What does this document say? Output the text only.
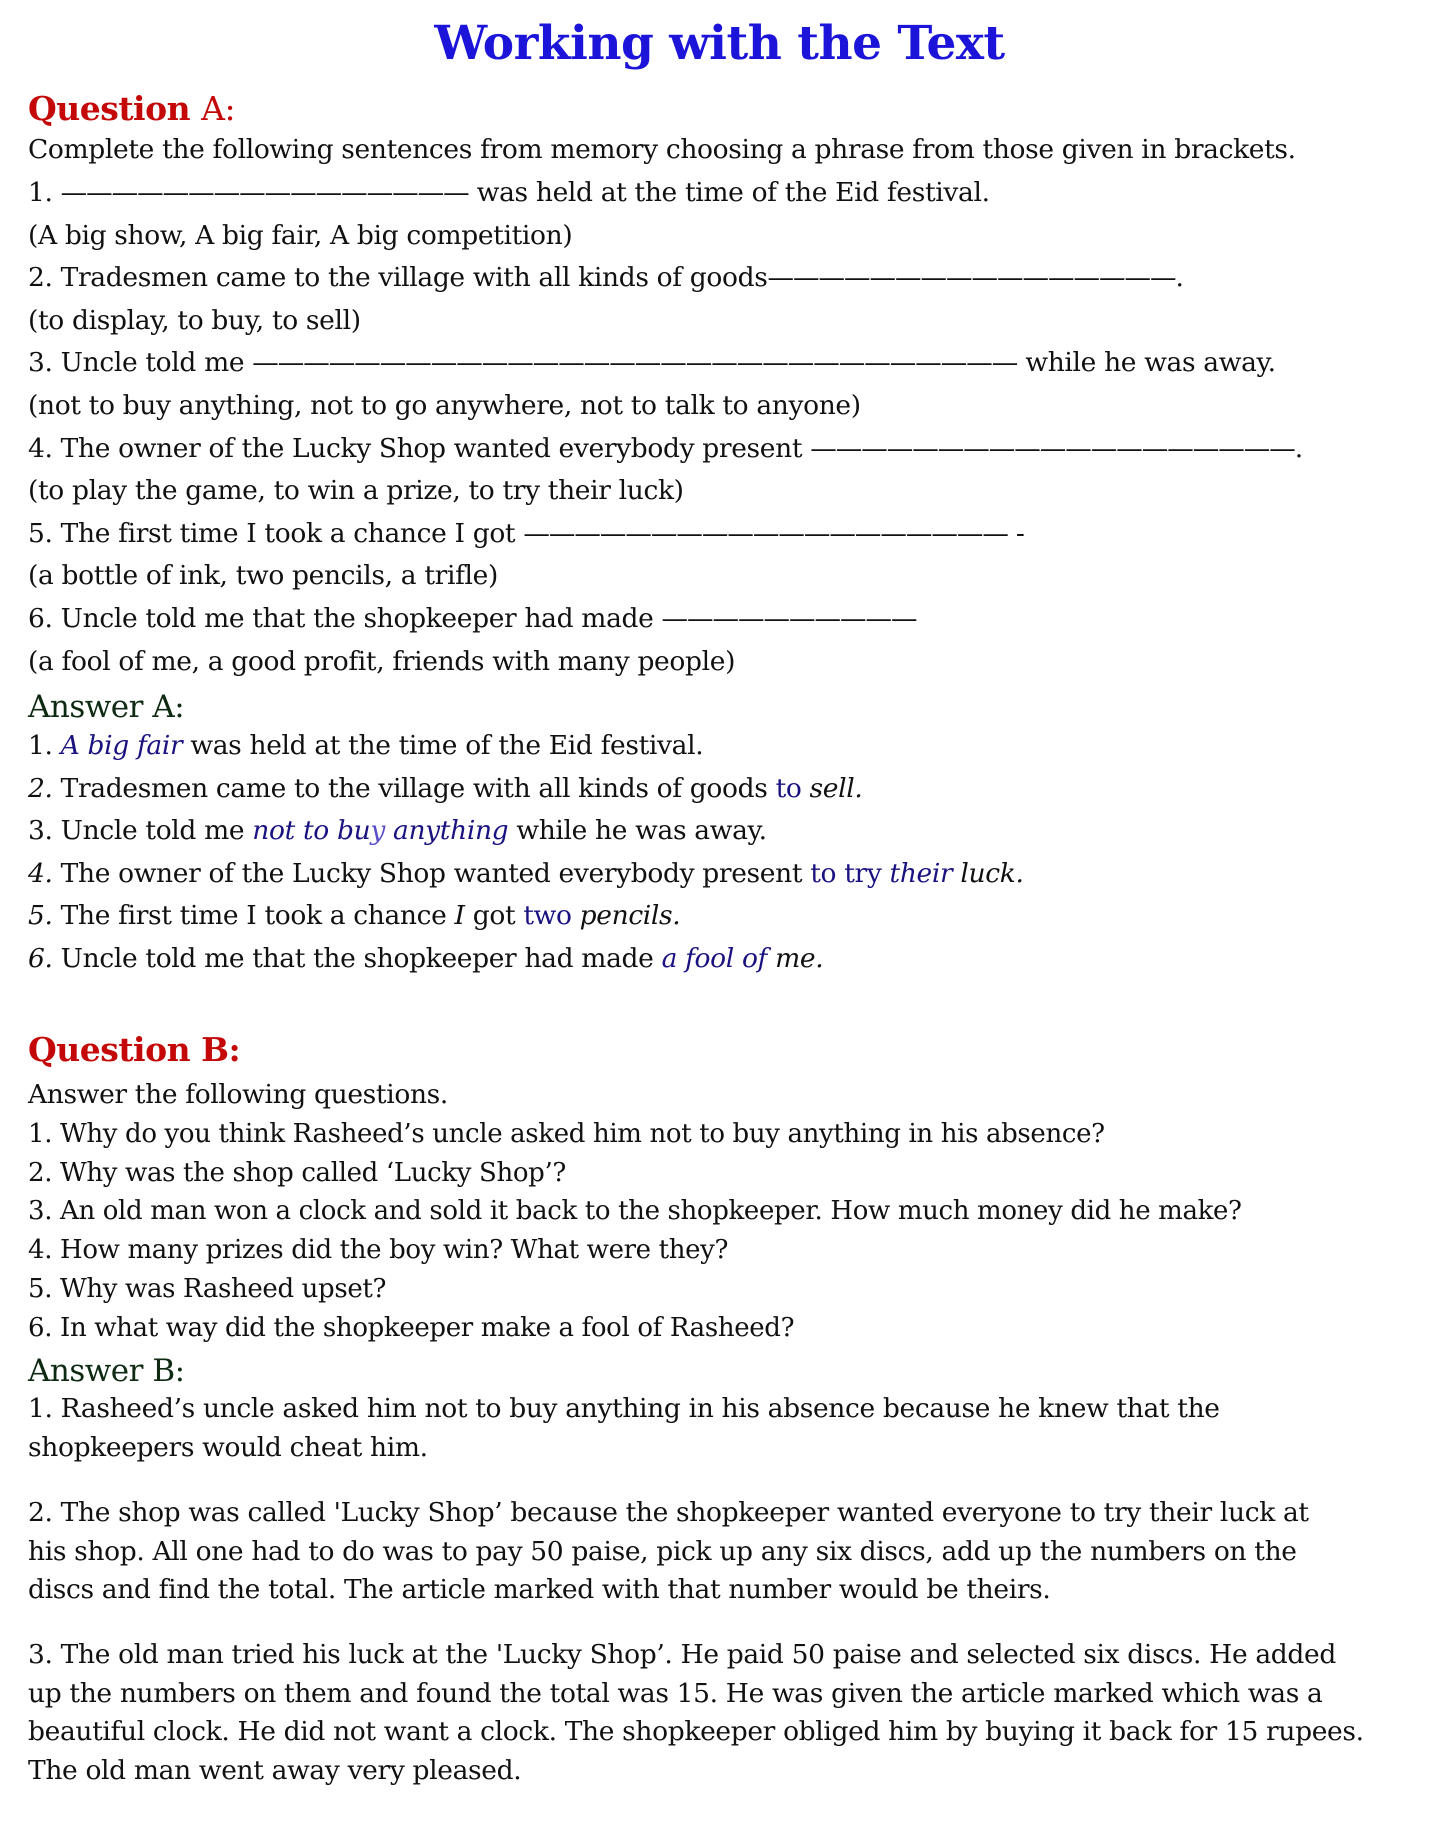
Working with the Text
Question A:
Complete the following sentences from memory choosing a phrase from those given in brackets.
1. ———————————————— was held at the time of the Eid festival.
(A big show, A big fair, A big competition)
2. Tradesmen came to the village with all kinds of goods————————————————.
(to display, to buy, to sell)
3. Uncle told me —————————————————————————————— while he was away.
(not to buy anything, not to go anywhere, not to talk to anyone)
4. The owner of the Lucky Shop wanted everybody present ———————————————————.
(to play the game, to win a prize, to try their luck)
5. The first time I took a chance I got ——————————————————— -
(a bottle of ink, two pencils, a trifle)
6. Uncle told me that the shopkeeper had made ——————————
(a fool of me, a good profit, friends with many people)
Answer A:
1. A big fair was held at the time of the Eid festival.
2. Tradesmen came to the village with all kinds of goods to sell.
3. Uncle told me not to buy anything while he was away.
4. The owner of the Lucky Shop wanted everybody present to try their luck.
5. The first time I took a chance I got two pencils.
6. Uncle told me that the shopkeeper had made a fool of me.
Question B:
Answer the following questions.
1. Why do you think Rasheed’s uncle asked him not to buy anything in his absence?
2. Why was the shop called ‘Lucky Shop’?
3. An old man won a clock and sold it back to the shopkeeper. How much money did he make?
4. How many prizes did the boy win? What were they?
5. Why was Rasheed upset?
6. In what way did the shopkeeper make a fool of Rasheed?
Answer B:
1. Rasheed’s uncle asked him not to buy anything in his absence because he knew that the
shopkeepers would cheat him.
2. The shop was called 'Lucky Shop’ because the shopkeeper wanted everyone to try their luck at
his shop. All one had to do was to pay 50 paise, pick up any six discs, add up the numbers on the
discs and find the total. The article marked with that number would be theirs.
3. The old man tried his luck at the 'Lucky Shop’. He paid 50 paise and selected six discs. He added
up the numbers on them and found the total was 15. He was given the article marked which was a
beautiful clock. He did not want a clock. The shopkeeper obliged him by buying it back for 15 rupees.
The old man went away very pleased.
